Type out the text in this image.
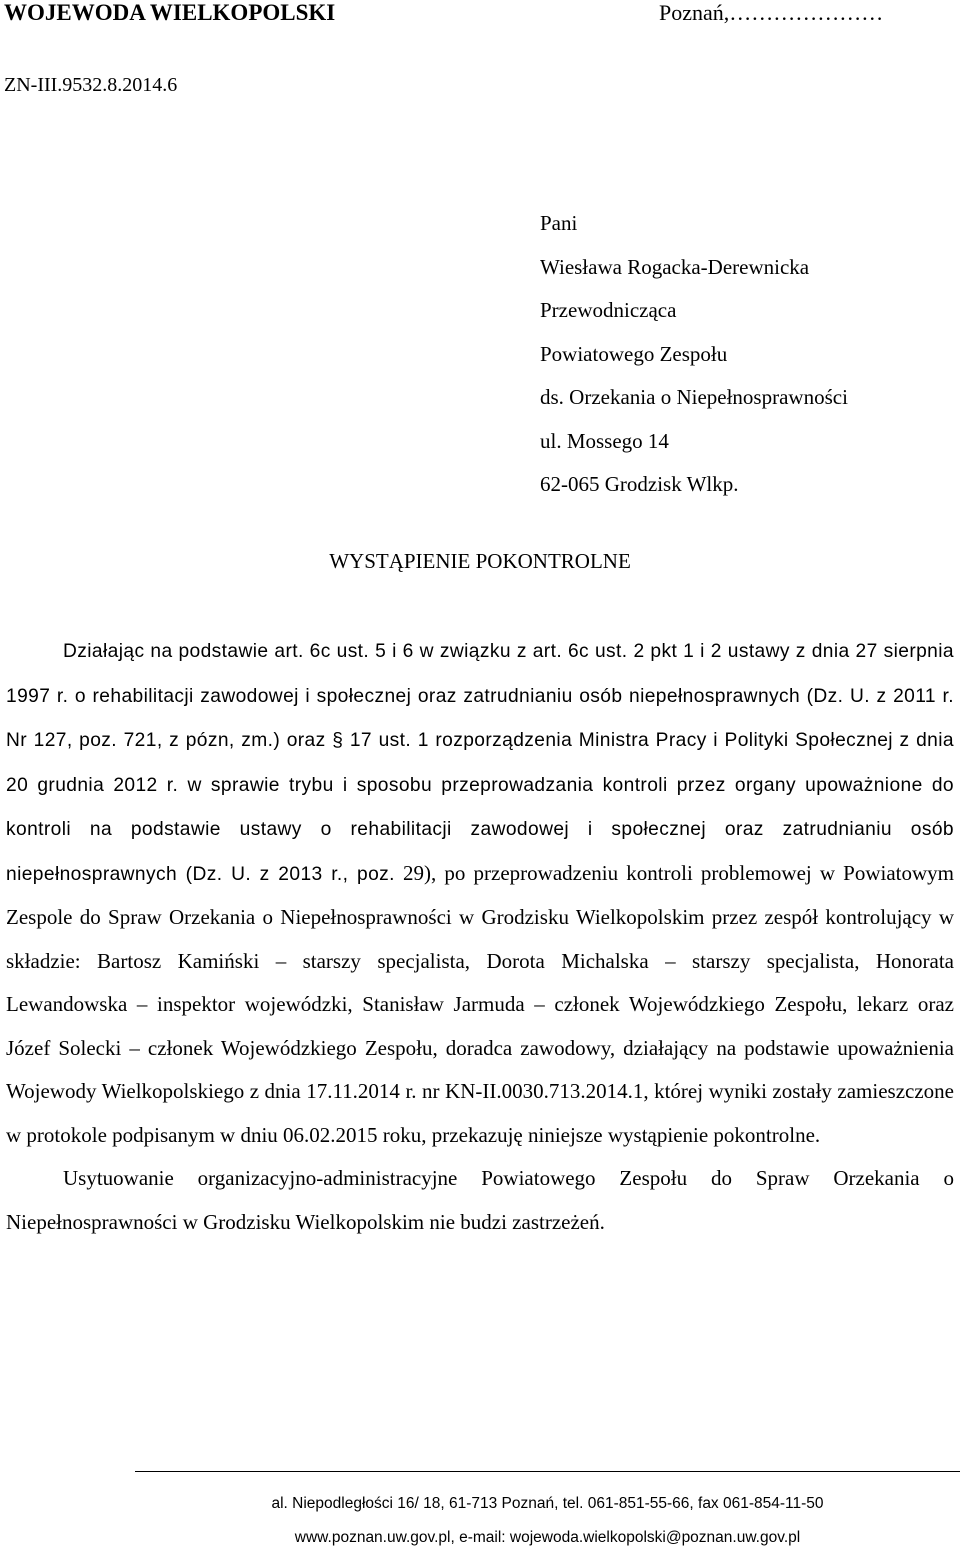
WOJEWODA WIELKOPOLSKI	Poznań,…………………
ZN-III.9532.8.2014.6
Pani
Wiesława Rogacka-Derewnicka
Przewodnicząca
Powiatowego Zespołu
ds. Orzekania o Niepełnosprawności
ul. Mossego 14
62-065 Grodzisk Wlkp.
WYSTĄPIENIE POKONTROLNE

Działając na podstawie art. 6c ust. 5 i 6 w związku z art. 6c ust. 2 pkt 1 i 2 ustawy z dnia 27 sierpnia 1997 r. o rehabilitacji zawodowej i społecznej oraz zatrudnianiu osób niepełnosprawnych (Dz. U. z 2011 r. Nr 127, poz. 721, z pózn, zm.) oraz § 17 ust. 1 rozporządzenia Ministra Pracy i Polityki Społecznej z dnia 20 grudnia 2012 r. w sprawie trybu i sposobu przeprowadzania kontroli przez organy upoważnione do kontroli na podstawie ustawy o rehabilitacji zawodowej i społecznej oraz zatrudnianiu osób niepełnosprawnych (Dz. U. z 2013 r., poz. 29), po przeprowadzeniu kontroli problemowej w Powiatowym Zespole do Spraw Orzekania o Niepełnosprawności w Grodzisku Wielkopolskim przez zespół kontrolujący w składzie: Bartosz Kamiński – starszy specjalista, Dorota Michalska – starszy specjalista, Honorata Lewandowska – inspektor wojewódzki, Stanisław Jarmuda – członek Wojewódzkiego Zespołu, lekarz oraz Józef Solecki – członek Wojewódzkiego Zespołu, doradca zawodowy, działający na podstawie upoważnienia Wojewody Wielkopolskiego z dnia 17.11.2014 r. nr KN-II.0030.713.2014.1, której wyniki zostały zamieszczone w protokole podpisanym w dniu 06.02.2015 roku, przekazuję niniejsze wystąpienie pokontrolne.

Usytuowanie organizacyjno-administracyjne Powiatowego Zespołu do Spraw Orzekania o Niepełnosprawności w Grodzisku Wielkopolskim nie budzi zastrzeżeń.

al. Niepodległości 16/ 18, 61-713 Poznań, tel. 061-851-55-66, fax 061-854-11-50
www.poznan.uw.gov.pl, e-mail: wojewoda.wielkopolski@poznan.uw.gov.pl
